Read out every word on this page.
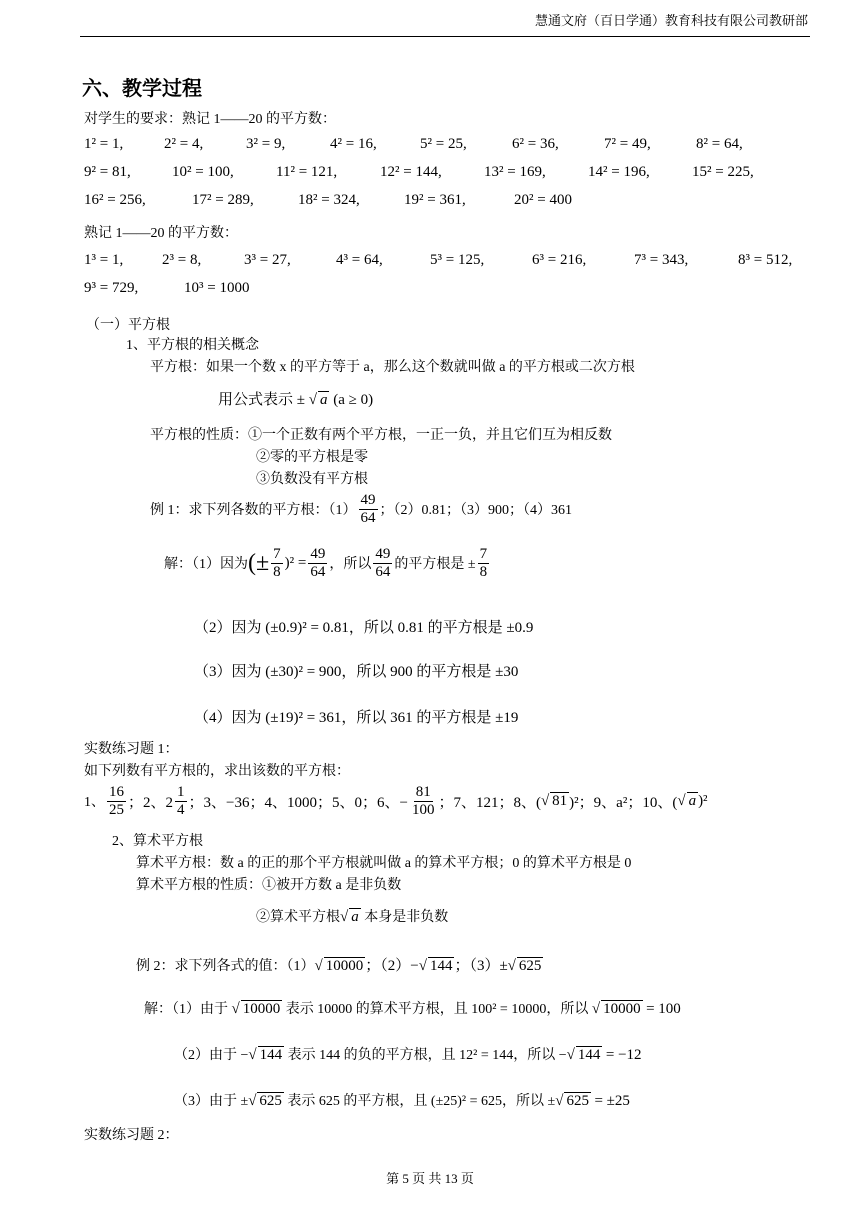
慧通文府（百日学通）教育科技有限公司教研部
六、教学过程
对学生的要求：熟记 1——20 的平方数：
1² = 1,	2² = 4,	3² = 9,	4² = 16,	5² = 25,	6² = 36,	7² = 49,	8² = 64,
9² = 81,	10² = 100,	11² = 121,	12² = 144,	13² = 169,	14² = 196,	15² = 225,
16² = 256,	17² = 289,	18² = 324,	19² = 361,	20² = 400
熟记 1——20 的平方数：
1³ = 1,	2³ = 8,	3³ = 27,	4³ = 64,	5³ = 125,	6³ = 216,	7³ = 343,	8³ = 512,
9³ = 729,	10³ = 1000
（一）平方根
1、平方根的相关概念
平方根：如果一个数 x 的平方等于 a，那么这个数就叫做 a 的平方根或二次方根
用公式表示 ± √ a (a ≥ 0)
平方根的性质：①一个正数有两个平方根，一正一负，并且它们互为相反数
②零的平方根是零
③负数没有平方根
例 1：求下列各数的平方根：$(1) \frac{49}{64}$ ；（2）0.81；（3）900；（4）361
解：（1）因为 (± $\frac{7}{8} )^2 = \frac{49}{64}$ ，所以 $\frac{49}{64}$ 的平方根是 ± $\frac{7}{8}$
（2）因为 (±0.9)² = 0.81，所以 0.81 的平方根是 ±0.9
（3）因为 (±30)² = 900，所以 900 的平方根是 ±30
（4）因为 (±19)² = 361，所以 361 的平方根是 ±19
实数练习题 1：
如下列数有平方根的，求出该数的平方根：
1、 $\frac{16}{25}$ ；2、$2 \frac{1}{4}$ ；3、−36；4、1000；5、0；6、− $\frac{81}{100}$ ；7、121；8、( √ 81 )²；9、a²；10、( √ a )²
2、算术平方根
算术平方根：数 a 的正的那个平方根就叫做 a 的算术平方根；0 的算术平方根是 0
算术平方根的性质：①被开方数 a 是非负数
②算术平方根√ a 本身是非负数
例 2：求下列各式的值：（1）√ 10000 ；（2）−√ 144 ；（3）±√ 625
解：（1）由于 √ 10000 表示 10000 的算术平方根，且 100² = 10000，所以 √ 10000 = 100
（2）由于 −√ 144 表示 144 的负的平方根，且 12² = 144，所以 −√ 144 = −12
（3）由于 ±√ 625 表示 625 的平方根，且 (±25)² = 625，所以 ±√ 625 = ±25
实数练习题 2：
第 5 页 共 13 页
